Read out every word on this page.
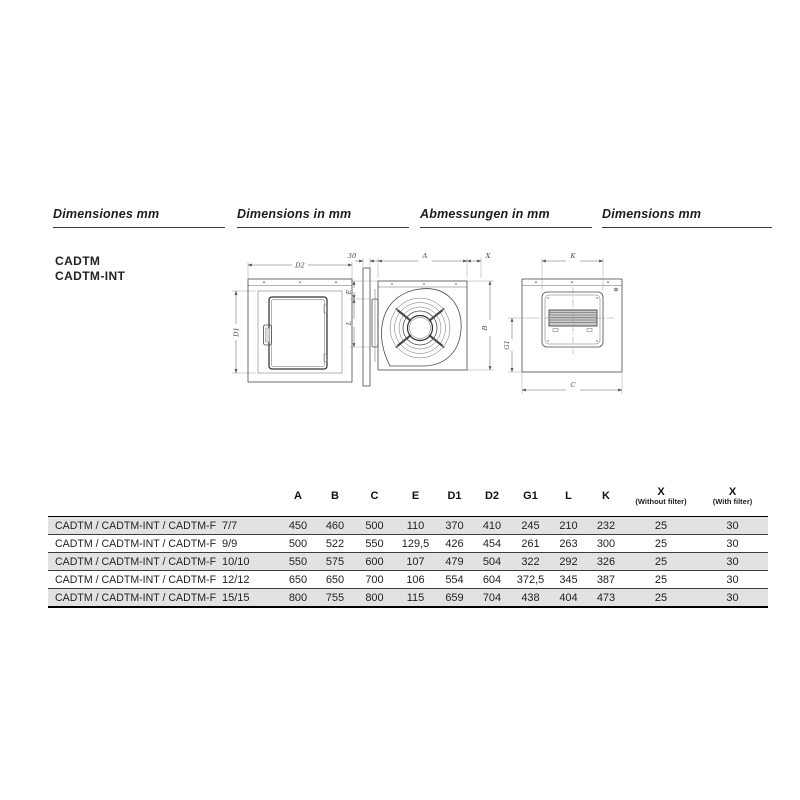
Dimensiones mm	Dimensions in mm	Abmessungen in mm	Dimensions mm
CADTM
CADTM-INT
D2
D1
30
E
L
A	X
B
K
G1
C
A	B	C	E	D1	D2	G1	L	K	X
(Without filter)
X
(With filter)
CADTM / CADTM-INT / CADTM-F 7/7	450	460	500	110	370	410	245	210	232	25	30
CADTM / CADTM-INT / CADTM-F 9/9	500	522	550	129,5	426	454	261	263	300	25	30
CADTM / CADTM-INT / CADTM-F 10/10	550	575	600	107	479	504	322	292	326	25	30
CADTM / CADTM-INT / CADTM-F 12/12	650	650	700	106	554	604	372,5	345	387	25	30
CADTM / CADTM-INT / CADTM-F 15/15	800	755	800	115	659	704	438	404	473	25	30
